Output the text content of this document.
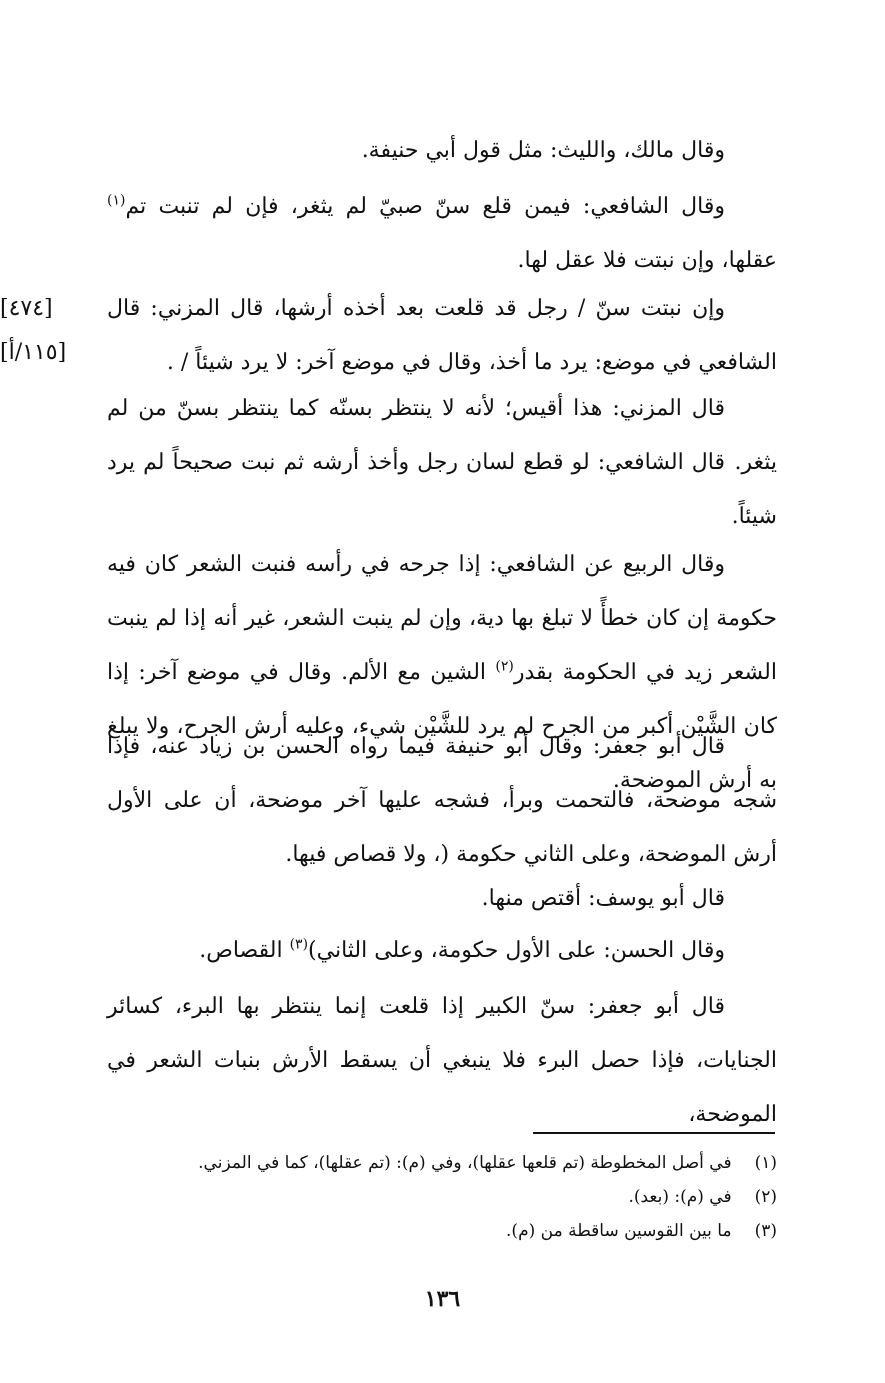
وقال مالك، والليث: مثل قول أبي حنيفة.

وقال الشافعي: فيمن قلع سنّ صبيّ لم يثغر، فإن لم تنبت تم$^{(١)}$ عقلها، وإن نبتت فلا عقل لها.

وإن نبتت سنّ / رجل قد قلعت بعد أخذه أرشها، قال المزني: قال الشافعي في موضع: يرد ما أخذ، وقال في موضع آخر: لا يرد شيئاً / .

[٤٧٤]
[١١٥/أ]

قال المزني: هذا أقيس؛ لأنه لا ينتظر بسنّه كما ينتظر بسنّ من لم يثغر.

قال الشافعي: لو قطع لسان رجل وأخذ أرشه ثم نبت صحيحاً لم يرد شيئاً.

وقال الربيع عن الشافعي: إذا جرحه في رأسه فنبت الشعر كان فيه حكومة إن كان خطأً لا تبلغ بها دية، وإن لم ينبت الشعر، غير أنه إذا لم ينبت الشعر زيد في الحكومة بقدر$^{(٢)}$ الشين مع الألم. وقال في موضع آخر: إذا كان الشَّيْن أكبر من الجرح لم يرد للشَّيْن شيء، وعليه أرش الجرح، ولا يبلغ به أرش الموضحة.

قال أبو جعفر: وقال أبو حنيفة فيما رواه الحسن بن زياد عنه، فإذا شجه موضحة، فالتحمت وبرأ، فشجه عليها آخر موضحة، أن على الأول أرش الموضحة، وعلى الثاني حكومة (، ولا قصاص فيها.

قال أبو يوسف: أقتص منها.

وقال الحسن: على الأول حكومة، وعلى الثاني)$^{(٣)}$ القصاص.

قال أبو جعفر: سنّ الكبير إذا قلعت إنما ينتظر بها البرء، كسائر الجنايات، فإذا حصل البرء فلا ينبغي أن يسقط الأرش بنبات الشعر في الموضحة،

(١) في أصل المخطوطة (تم قلعها عقلها)، وفي (م): (تم عقلها)، كما في المزني.

(٢) في (م): (بعد).

(٣) ما بين القوسين ساقطة من (م).

١٣٦
